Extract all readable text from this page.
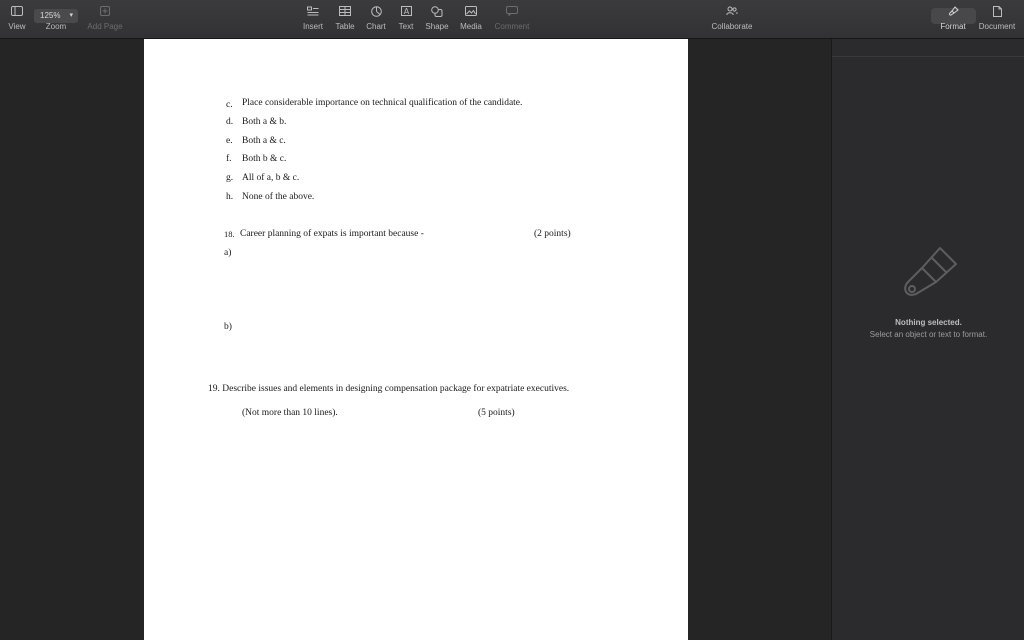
View
125% ▾
Zoom	Add Page	Insert Table Chart
A
Text Shape Media Comment	Collaborate	Format Document
c. Place considerable importance on technical qualification of the candidate.
d. Both a & b.
e. Both a & c.
f. Both b & c.
g. All of a, b & c.
h. None of the above.
18. Career planning of expats is important because -	(2 points)
a)
b)
19. Describe issues and elements in designing compensation package for expatriate executives.
(Not more than 10 lines).	(5 points)
Nothing selected.
Select an object or text to format.
